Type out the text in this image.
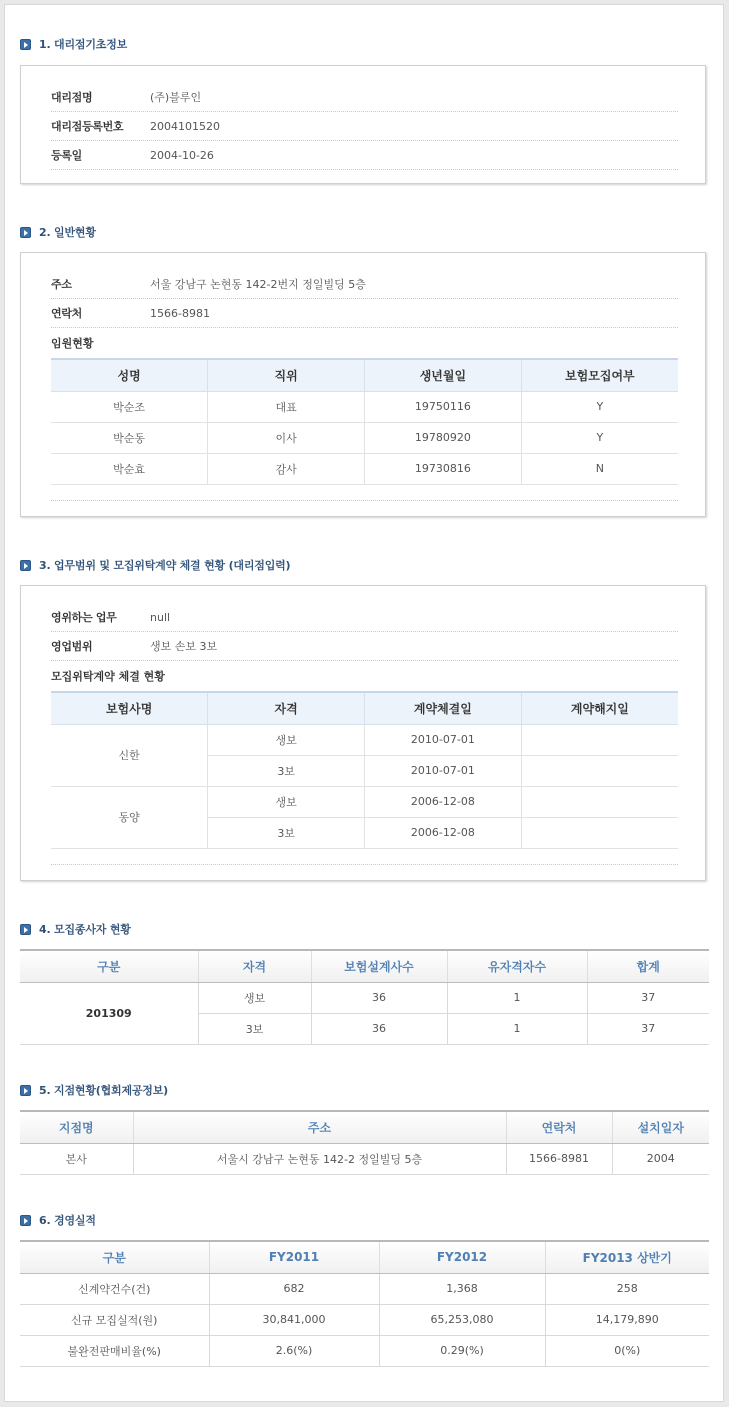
1. 대리점기초정보
대리점명	(주)블루인
대리점등록번호	2004101520
등록일	2004-10-26
2. 일반현황
주소	서울 강남구 논현동 142-2번지 정일빌딩 5층
연락처	1566-8981
임원현황
성명	직위	생년월일	보험모집여부
박순조	대표	19750116	Y
박순동	이사	19780920	Y
박순효	감사	19730816	N
3. 업무범위 및 모집위탁계약 체결 현황 (대리점입력)
영위하는 업무	null
영업범위	생보 손보 3보
모집위탁계약 체결 현황
보험사명	자격	계약체결일	계약해지일
신한	생보	2010-07-01	
	3보	2010-07-01	
동양	생보	2006-12-08	
	3보	2006-12-08	
4. 모집종사자 현황
구분	자격	보험설계사수	유자격자수	합계
201309	생보	36	1	37
	3보	36	1	37
5. 지점현황(협회제공정보)
지점명	주소	연락처	설치일자
본사	서울시 강남구 논현동 142-2 정일빌딩 5층	1566-8981	2004
6. 경영실적
구분	FY2011	FY2012	FY2013 상반기
신계약건수(건)	682	1,368	258
신규 모집실적(원)	30,841,000	65,253,080	14,179,890
불완전판매비율(%)	2.6(%)	0.29(%)	0(%)
